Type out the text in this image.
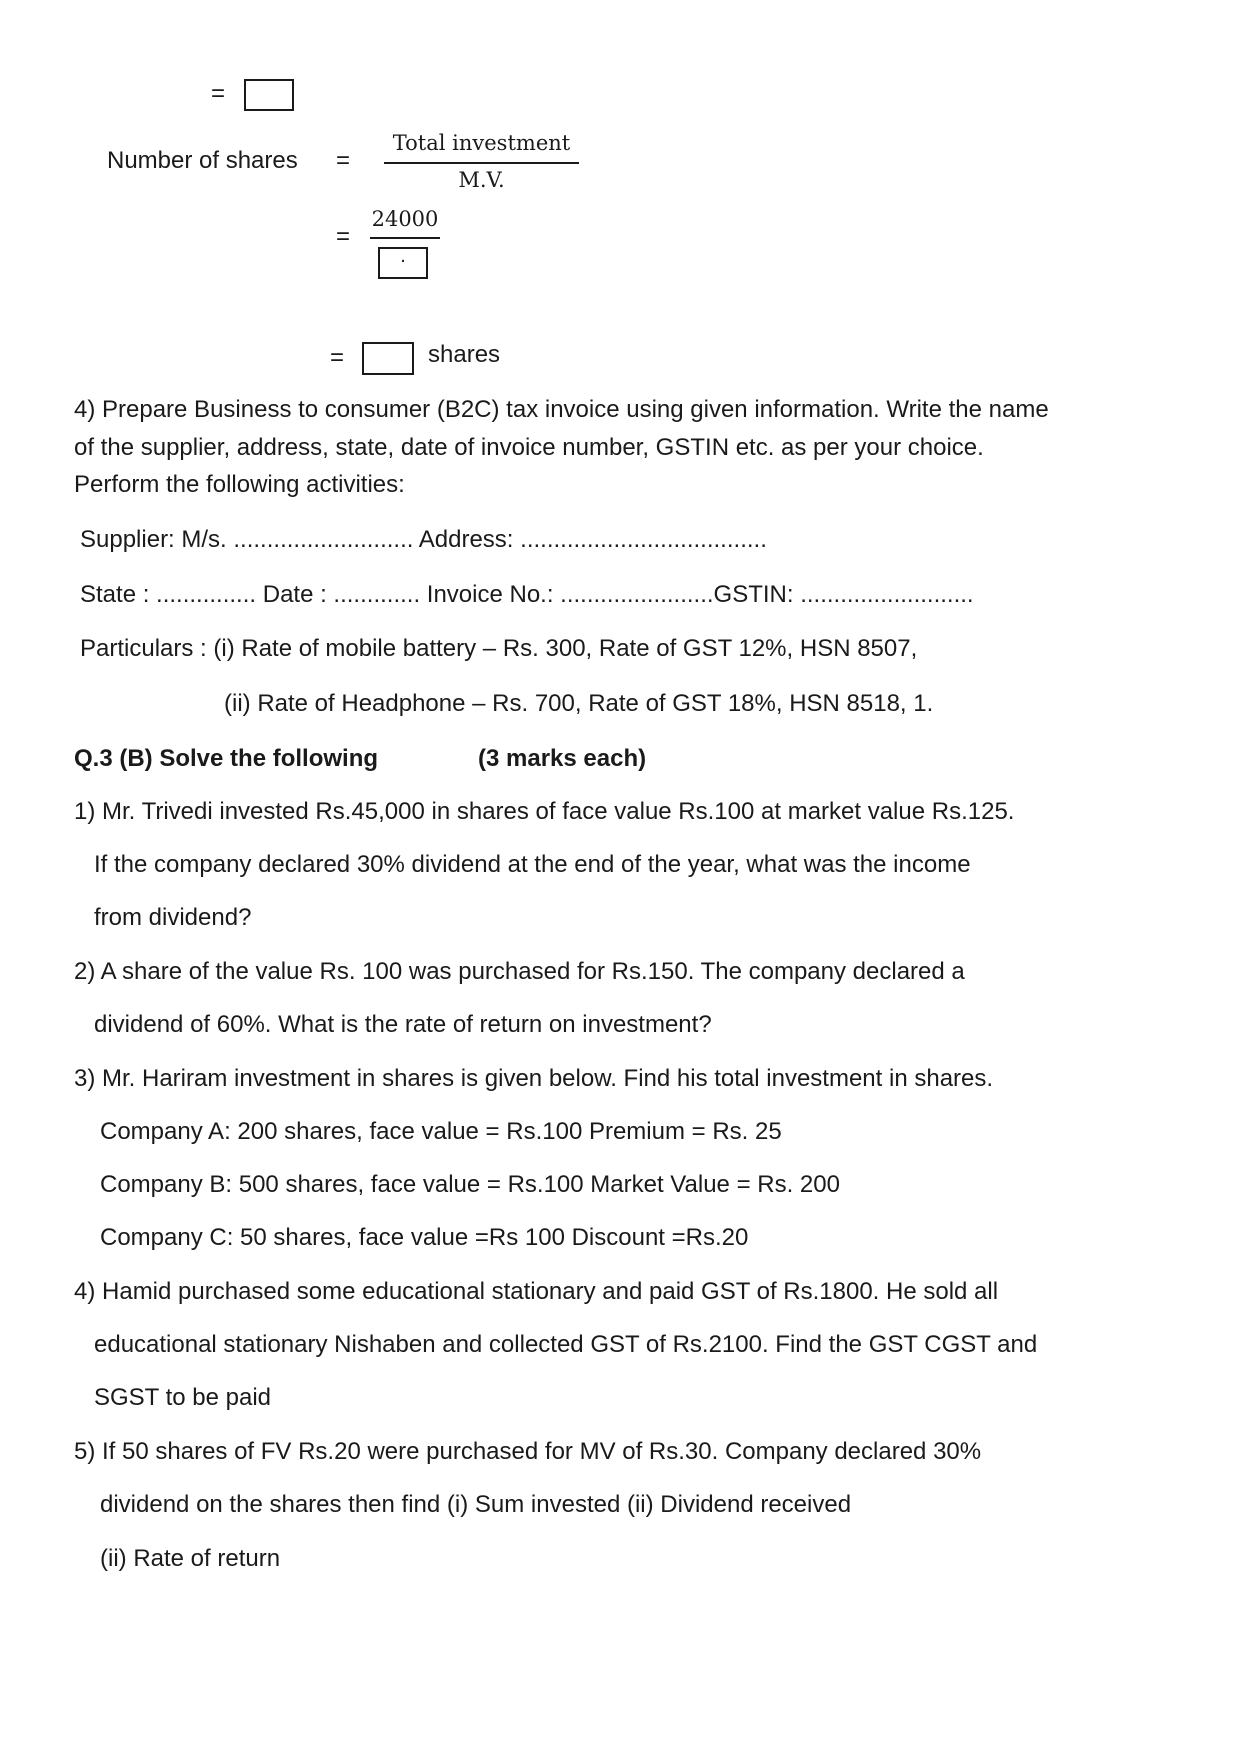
=
Number of shares =
Total investment
M.V.
=
24000
.
=	shares
4) Prepare Business to consumer (B2C) tax invoice using given information. Write the name
of the supplier, address, state, date of invoice number, GSTIN etc. as per your choice.
Perform the following activities:
Supplier: M/s. ........................... Address: .....................................
State : ............... Date : ............. Invoice No.: .......................GSTIN: ..........................
Particulars : (i) Rate of mobile battery – Rs. 300, Rate of GST 12%, HSN 8507,
(ii) Rate of Headphone – Rs. 700, Rate of GST 18%, HSN 8518, 1.
Q.3 (B) Solve the following	(3 marks each)
1) Mr. Trivedi invested Rs.45,000 in shares of face value Rs.100 at market value Rs.125.
If the company declared 30% dividend at the end of the year, what was the income
from dividend?
2) A share of the value Rs. 100 was purchased for Rs.150. The company declared a
dividend of 60%. What is the rate of return on investment?
3) Mr. Hariram investment in shares is given below. Find his total investment in shares.
Company A: 200 shares, face value = Rs.100 Premium = Rs. 25
Company B: 500 shares, face value = Rs.100 Market Value = Rs. 200
Company C: 50 shares, face value =Rs 100 Discount =Rs.20
4) Hamid purchased some educational stationary and paid GST of Rs.1800. He sold all
educational stationary Nishaben and collected GST of Rs.2100. Find the GST CGST and
SGST to be paid
5) If 50 shares of FV Rs.20 were purchased for MV of Rs.30. Company declared 30%
dividend on the shares then find (i) Sum invested (ii) Dividend received
(ii) Rate of return
